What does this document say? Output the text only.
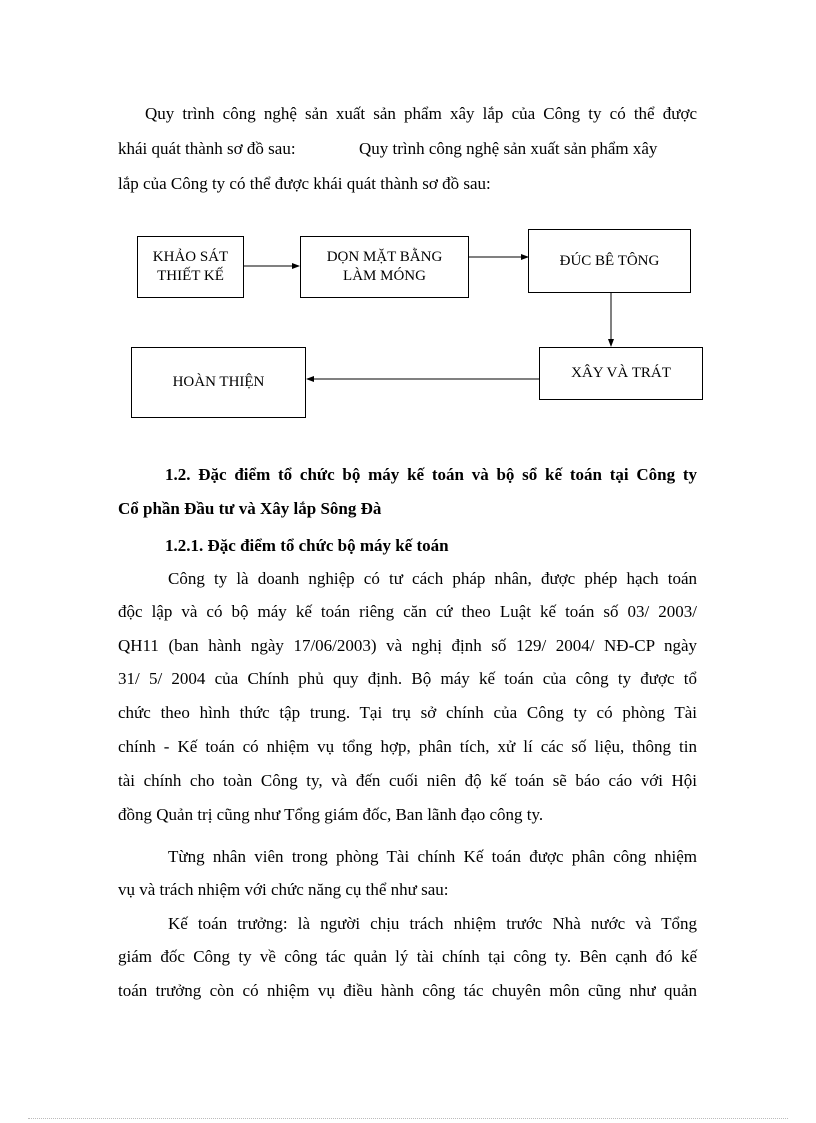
Quy trình công nghệ sản xuất sản phẩm xây lắp của Công ty có thể được
khái quát thành sơ đồ sau:	Quy trình công nghệ sản xuất sản phẩm xây
lắp của Công ty có thể được khái quát thành sơ đồ sau:
KHẢO SÁT
THIẾT KẾ
DỌN MẶT BẰNG
LÀM MÓNG
ĐÚC BÊ TÔNG
XÂY VÀ TRÁT
HOÀN THIỆN
1.2. Đặc điểm tổ chức bộ máy kế toán và bộ sổ kế toán tại Công ty
Cổ phần Đầu tư và Xây lắp Sông Đà
1.2.1. Đặc điểm tổ chức bộ máy kế toán
Công ty là doanh nghiệp có tư cách pháp nhân, được phép hạch toán
độc lập và có bộ máy kế toán riêng căn cứ theo Luật kế toán số 03/ 2003/
QH11 (ban hành ngày 17/06/2003) và nghị định số 129/ 2004/ NĐ-CP ngày
31/ 5/ 2004 của Chính phủ quy định. Bộ máy kế toán của công ty được tổ
chức theo hình thức tập trung. Tại trụ sở chính của Công ty có phòng Tài
chính - Kế toán có nhiệm vụ tổng hợp, phân tích, xử lí các số liệu, thông tin
tài chính cho toàn Công ty, và đến cuối niên độ kế toán sẽ báo cáo với Hội
đồng Quản trị cũng như Tổng giám đốc, Ban lãnh đạo công ty.
Từng nhân viên trong phòng Tài chính Kế toán được phân công nhiệm
vụ và trách nhiệm với chức năng cụ thể như sau:
Kế toán trưởng: là người chịu trách nhiệm trước Nhà nước và Tổng
giám đốc Công ty về công tác quản lý tài chính tại công ty. Bên cạnh đó kế
toán trưởng còn có nhiệm vụ điều hành công tác chuyên môn cũng như quản
